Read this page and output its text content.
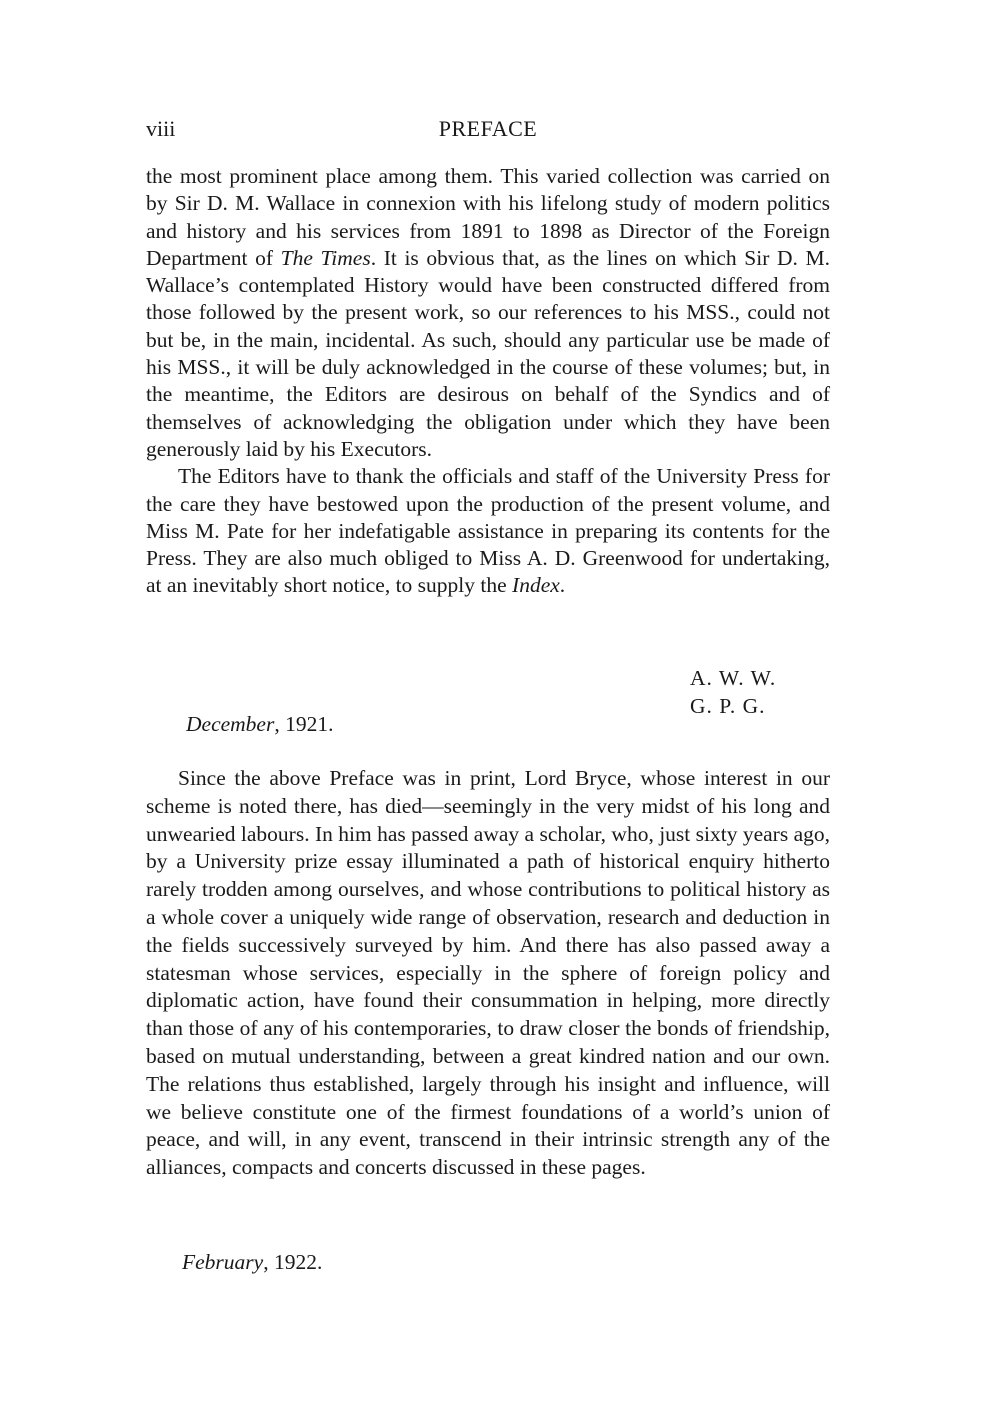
viii	PREFACE

the most prominent place among them. This varied collection was carried on by Sir D. M. Wallace in connexion with his lifelong study of modern politics and history and his services from 1891 to 1898 as Director of the Foreign Department of The Times. It is obvious that, as the lines on which Sir D. M. Wallace’s contemplated History would have been constructed differed from those followed by the present work, so our references to his MSS., could not but be, in the main, incidental. As such, should any particular use be made of his MSS., it will be duly acknowledged in the course of these volumes; but, in the meantime, the Editors are desirous on behalf of the Syndics and of themselves of acknowledging the obligation under which they have been generously laid by his Executors.

The Editors have to thank the officials and staff of the University Press for the care they have bestowed upon the production of the present volume, and Miss M. Pate for her indefatigable assistance in preparing its contents for the Press. They are also much obliged to Miss A. D. Greenwood for undertaking, at an inevitably short notice, to supply the Index.

A. W. W.
G. P. G.
December, 1921.

Since the above Preface was in print, Lord Bryce, whose interest in our scheme is noted there, has died—seemingly in the very midst of his long and unwearied labours. In him has passed away a scholar, who, just sixty years ago, by a University prize essay illuminated a path of historical enquiry hitherto rarely trodden among ourselves, and whose contributions to political history as a whole cover a uniquely wide range of observation, research and deduction in the fields successively surveyed by him. And there has also passed away a statesman whose services, especially in the sphere of foreign policy and diplomatic action, have found their consummation in helping, more directly than those of any of his contemporaries, to draw closer the bonds of friendship, based on mutual understanding, between a great kindred nation and our own. The relations thus established, largely through his insight and influence, will we believe constitute one of the firmest foundations of a world’s union of peace, and will, in any event, transcend in their intrinsic strength any of the alliances, compacts and concerts discussed in these pages.

February, 1922.
